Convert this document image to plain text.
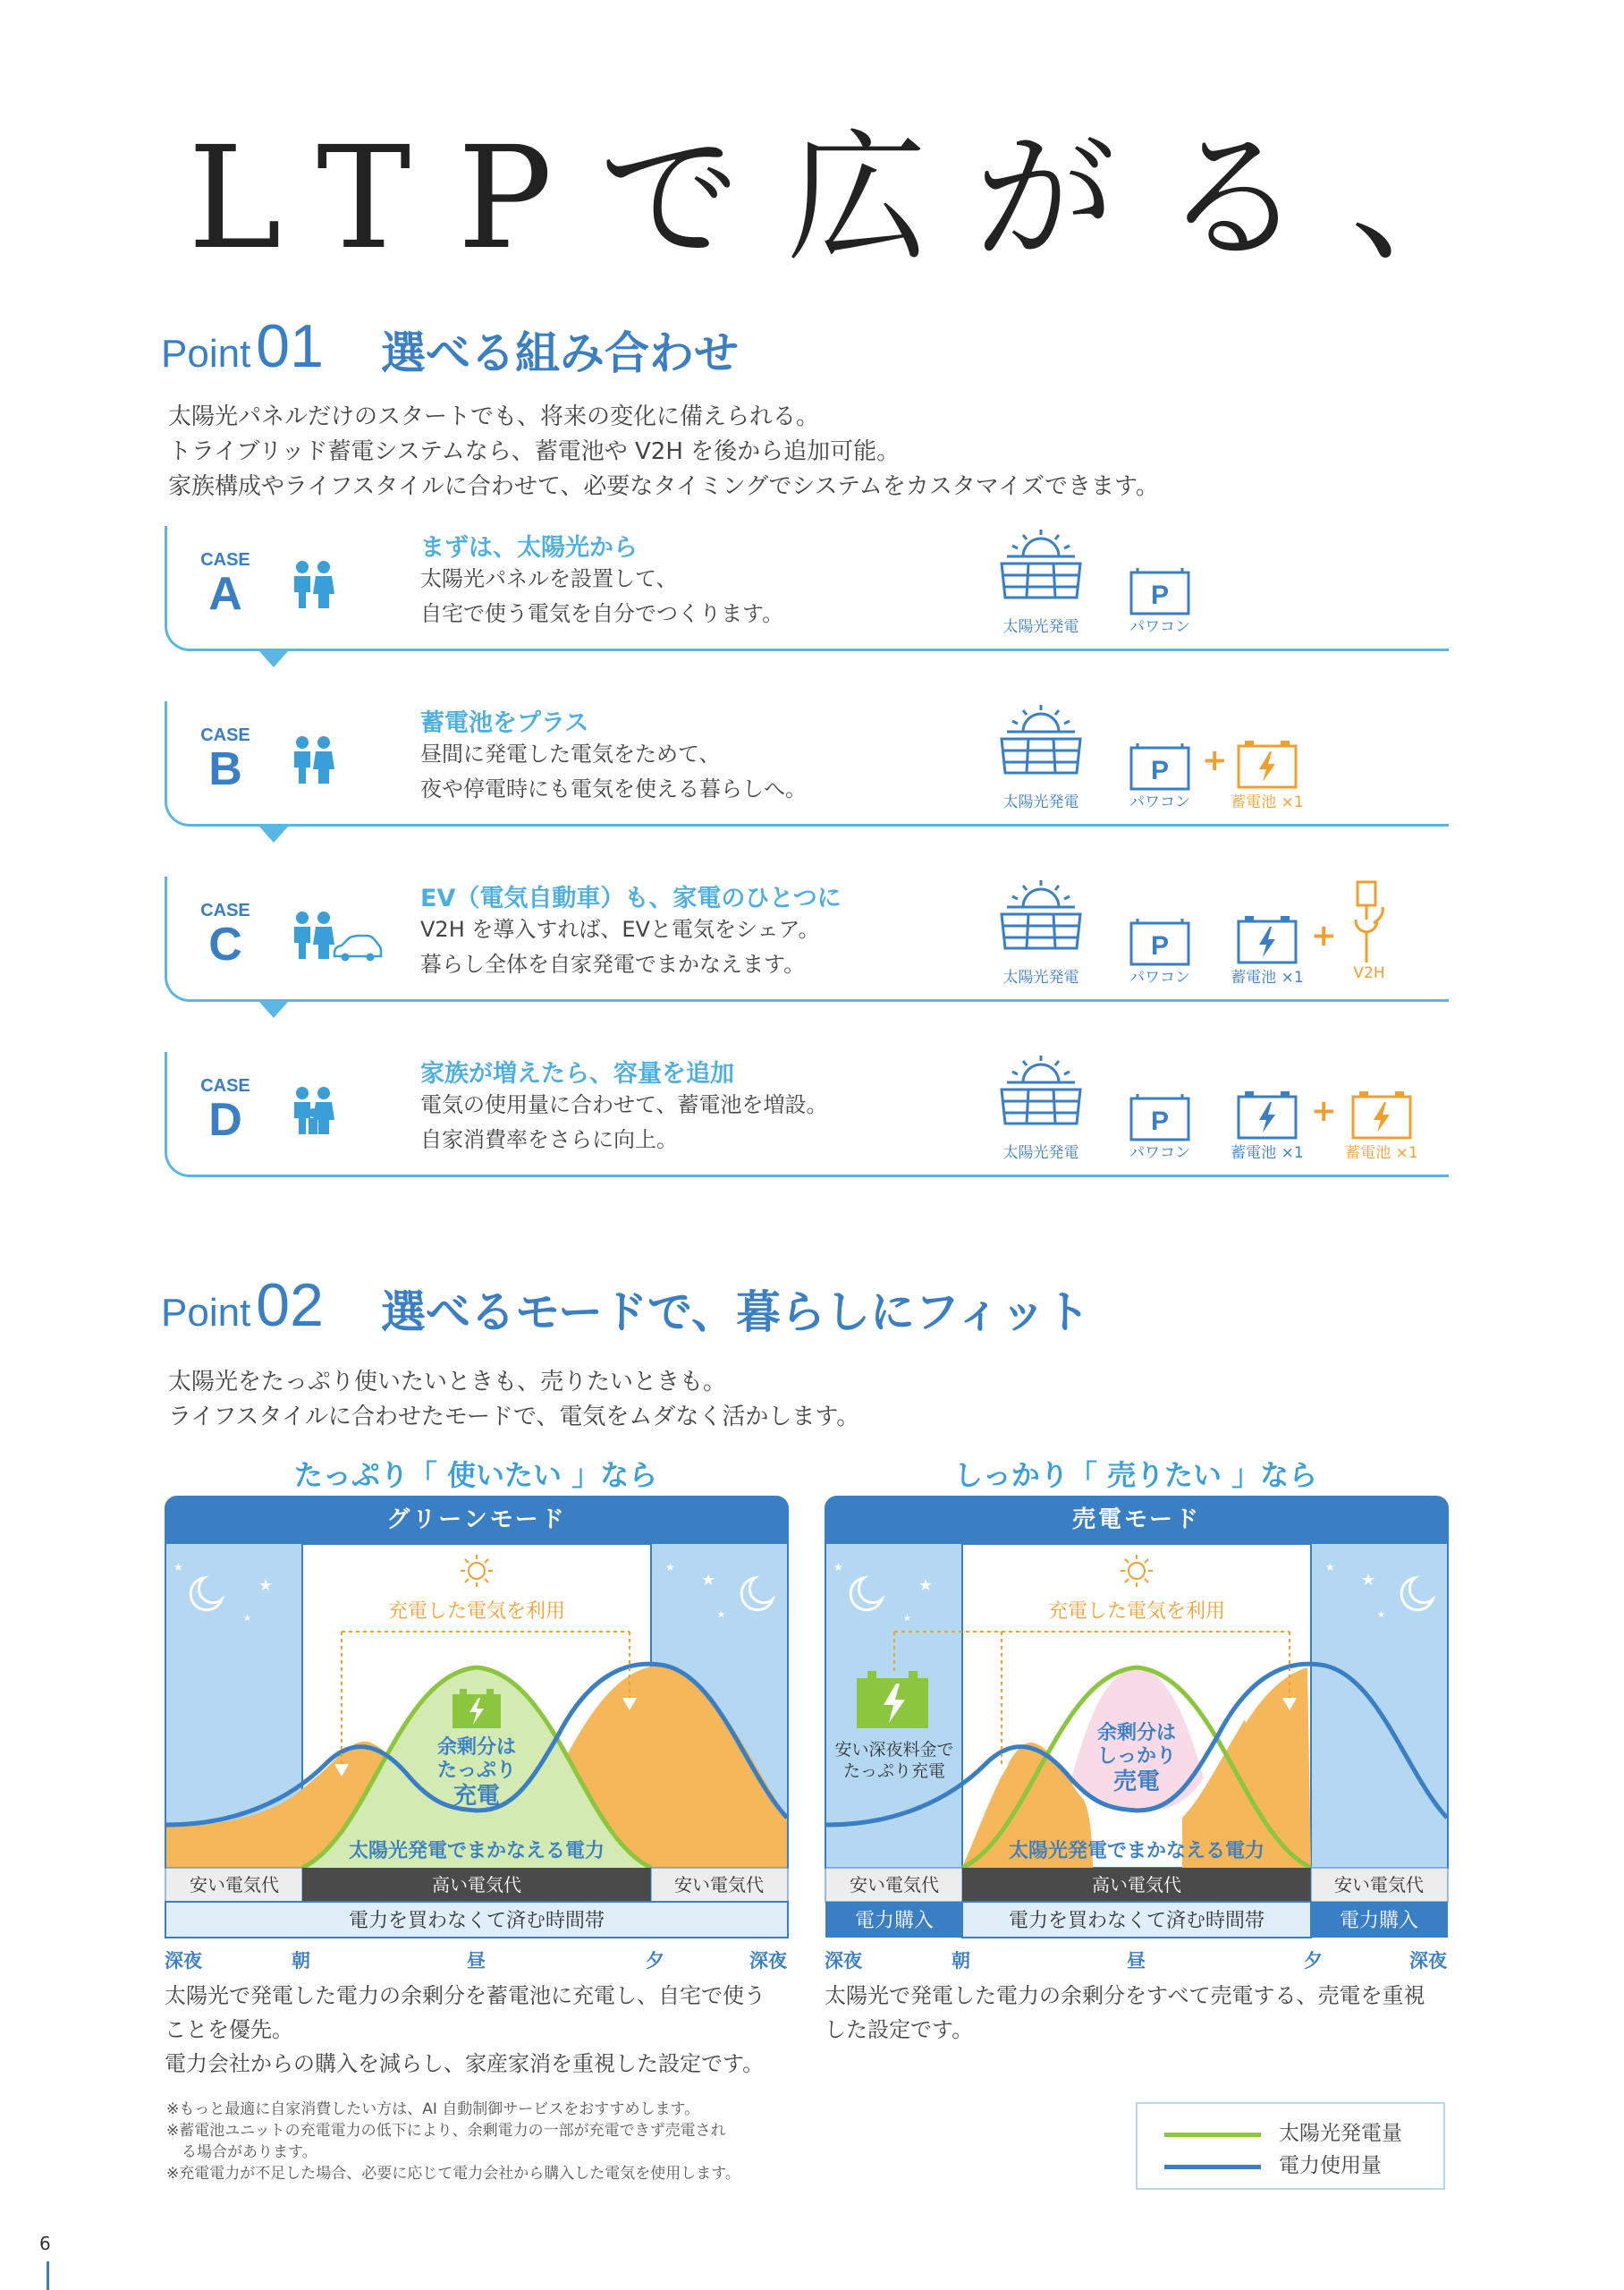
LTPで広がる、
Point01 選べる組み合わせ
太陽光パネルだけのスタートでも、将来の変化に備えられる。
トライブリッド蓄電システムなら、蓄電池や V2H を後から追加可能。
家族構成やライフスタイルに合わせて、必要なタイミングでシステムをカスタマイズできます。
CASE
A
まずは、太陽光から
太陽光パネルを設置して、
自宅で使う電気を自分でつくります。
太陽光発電	パワコン
CASE
B
蓄電池をプラス
昼間に発電した電気をためて、
夜や停電時にも電気を使える暮らしへ。
太陽光発電	パワコン
+
蓄電池 ×1
CASE
C
EV（電気自動車）も、家電のひとつに
V2H を導入すれば、EVと電気をシェア。
暮らし全体を自家発電でまかなえます。
太陽光発電	パワコン	蓄電池 ×1
+
V2H
CASE
D
家族が増えたら、容量を追加
電気の使用量に合わせて、蓄電池を増設。
自家消費率をさらに向上。
太陽光発電	パワコン	蓄電池 ×1
+
蓄電池 ×1
Point02 選べるモードで、暮らしにフィット
太陽光をたっぷり使いたいときも、売りたいときも。
ライフスタイルに合わせたモードで、電気をムダなく活かします。
たっぷり「 使いたい 」なら	しっかり「 売りたい 」なら
★
★
★
★
★
★
充電した電気を利用
余剰分は
たっぷり
充電
太陽光発電でまかなえる電力
安い電気代	高い電気代	安い電気代
電力を買わなくて済む時間帯
グリーンモード
深夜	朝	昼	夕	深夜
太陽光で発電した電力の余剰分を蓄電池に充電し、自宅で使う
ことを優先。
電力会社からの購入を減らし、家産家消を重視した設定です。
★
★
★
★
★
★
充電した電気を利用
安い深夜料金で
たっぷり充電
余剰分は
しっかり
売電
太陽光発電でまかなえる電力
安い電気代	高い電気代	安い電気代
電力購入	電力を買わなくて済む時間帯	電力購入
売電モード
深夜	朝	昼	夕	深夜
太陽光で発電した電力の余剰分をすべて売電する、売電を重視
した設定です。
※もっと最適に自家消費したい方は、AI 自動制御サービスをおすすめします。
※蓄電池ユニットの充電電力の低下により、余剰電力の一部が充電できず売電され
　る場合があります。
※充電電力が不足した場合、必要に応じて電力会社から購入した電気を使用します。
太陽光発電量
電力使用量
6
